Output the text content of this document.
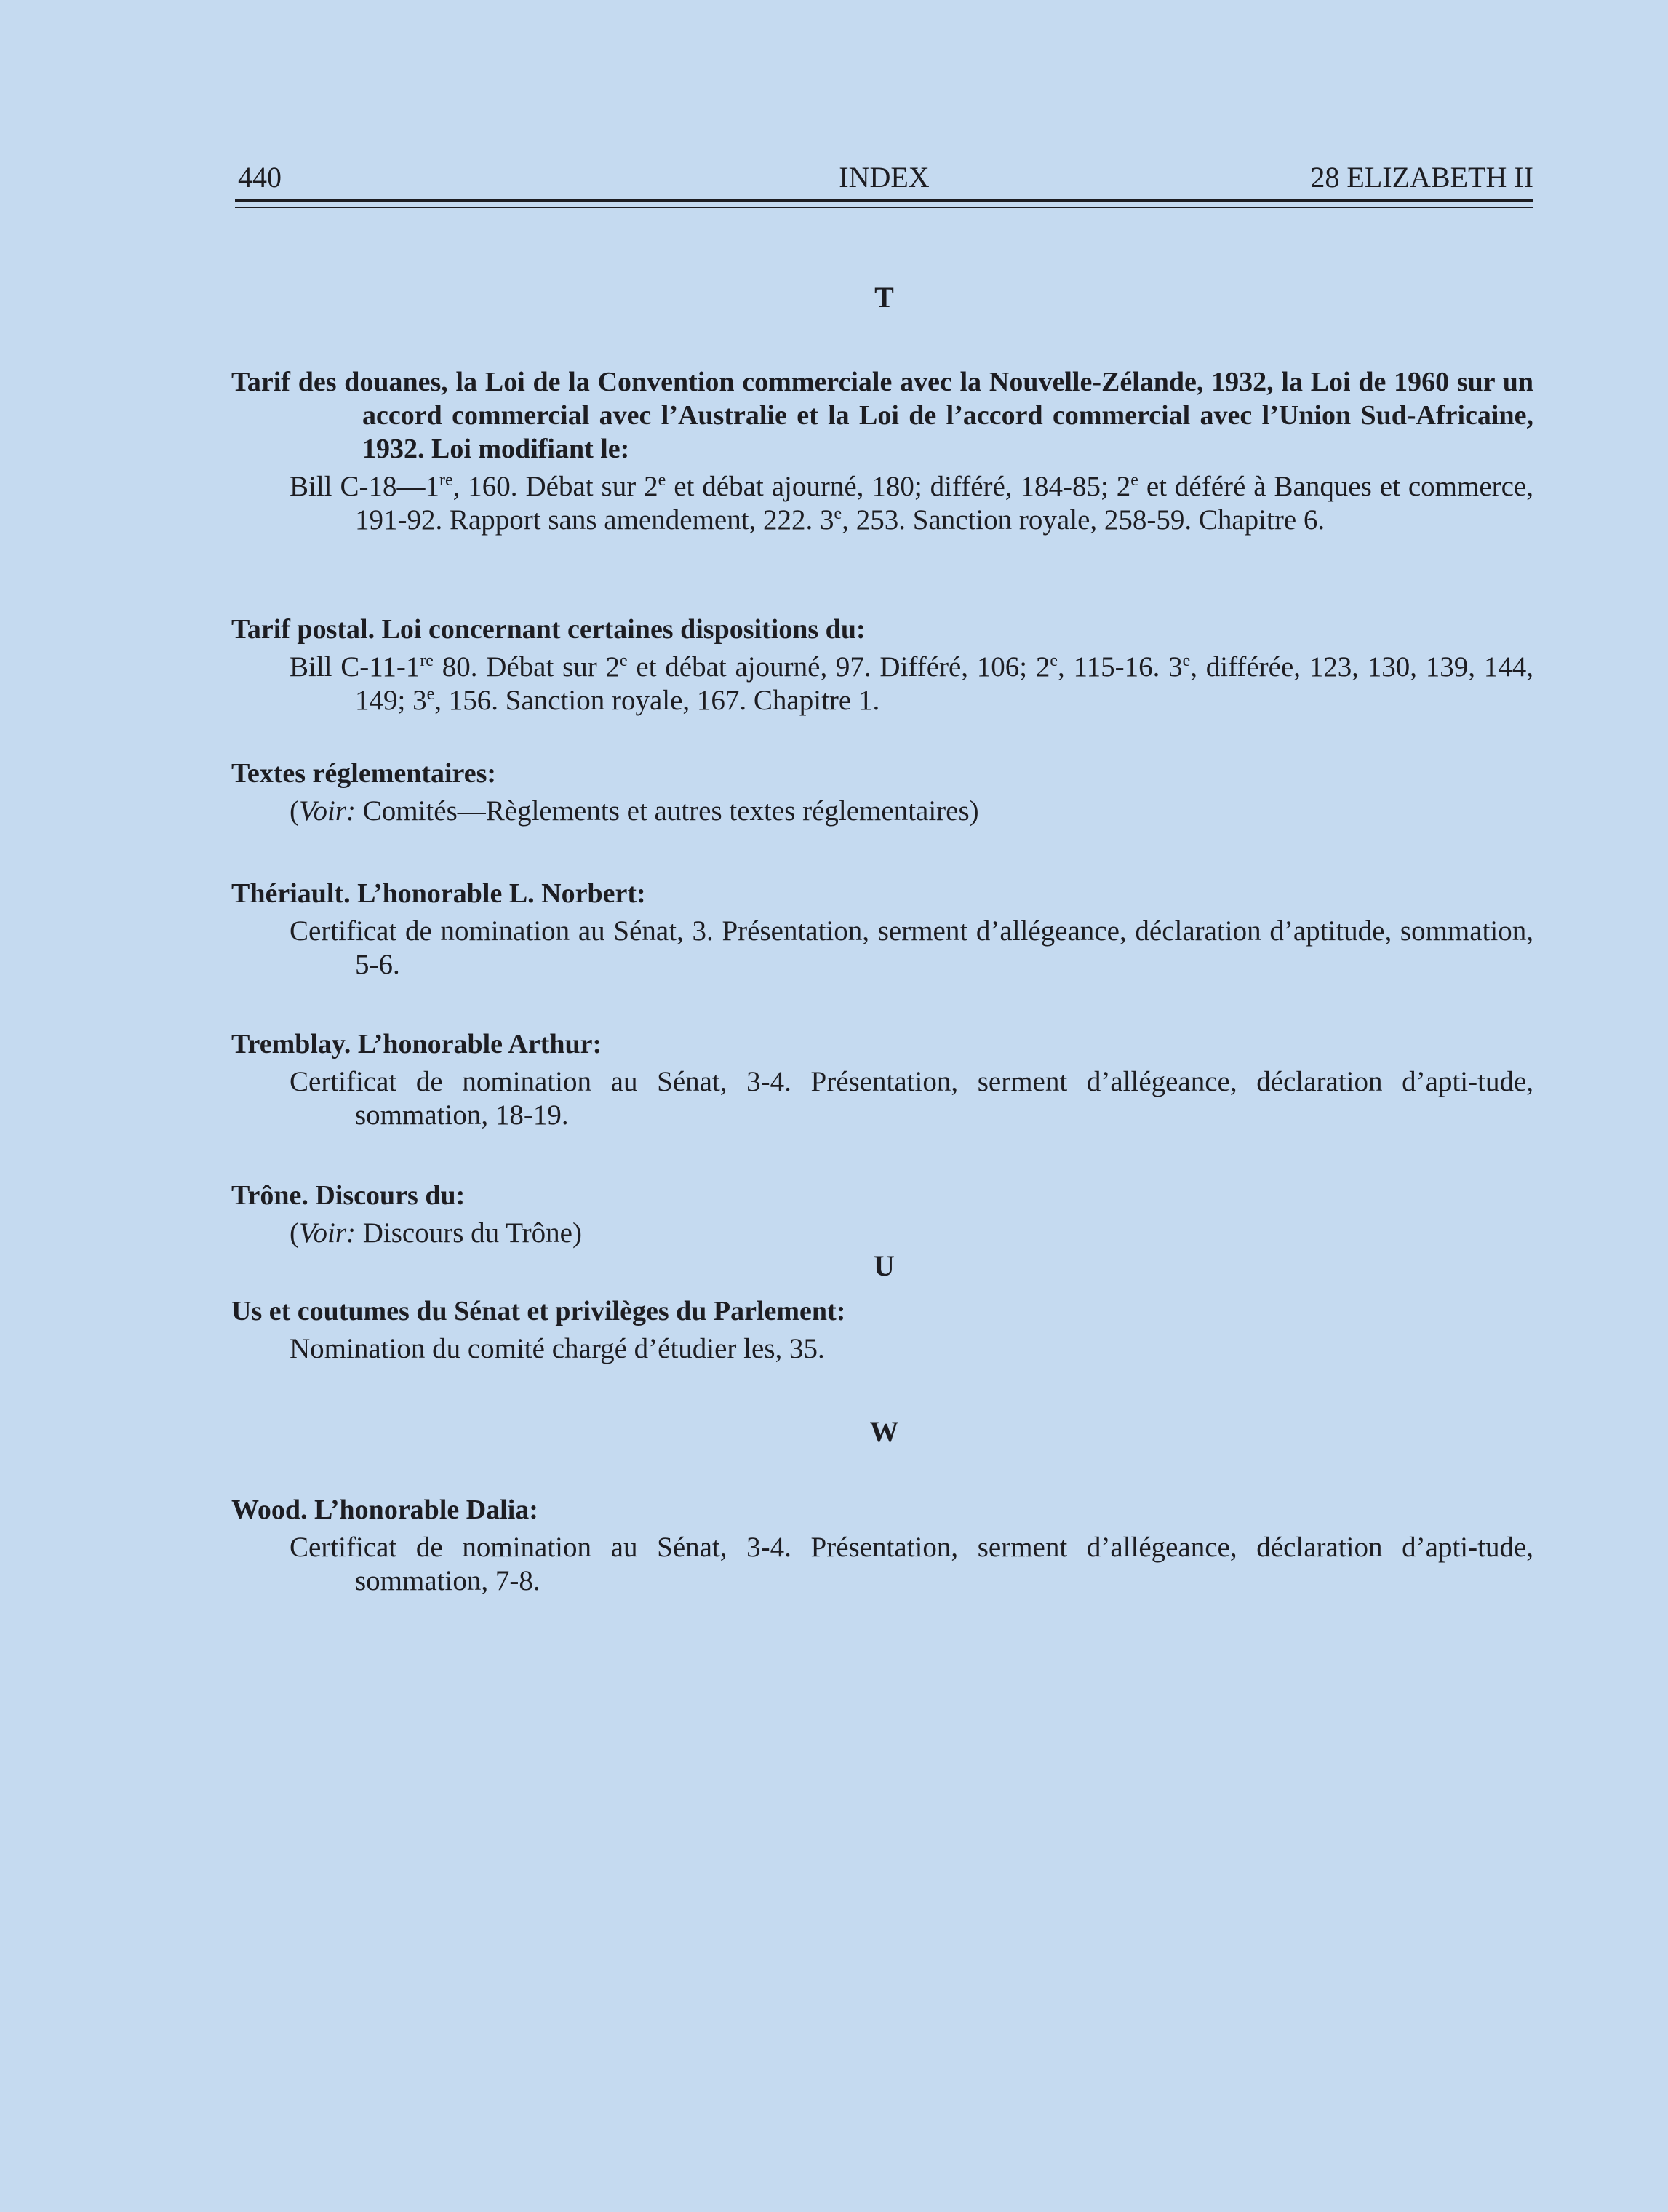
440	INDEX	28 ELIZABETH II
T
Tarif des douanes, la Loi de la Convention commerciale avec la Nouvelle-Zélande, 1932, la Loi de 1960 sur un accord commercial avec l’Australie et la Loi de l’accord commercial avec l’Union Sud-Africaine, 1932. Loi modifiant le:
Bill C-18—1re, 160. Débat sur 2e et débat ajourné, 180; différé, 184-85; 2e et déféré à Banques et commerce, 191-92. Rapport sans amendement, 222. 3e, 253. Sanction royale, 258-59. Chapitre 6.
Tarif postal. Loi concernant certaines dispositions du:
Bill C-11-1re 80. Débat sur 2e et débat ajourné, 97. Différé, 106; 2e, 115-16. 3e, différée, 123, 130, 139, 144, 149; 3e, 156. Sanction royale, 167. Chapitre 1.
Textes réglementaires:
(Voir: Comités—Règlements et autres textes réglementaires)
Thériault. L’honorable L. Norbert:
Certificat de nomination au Sénat, 3. Présentation, serment d’allégeance, déclaration d’aptitude, sommation, 5-6.
Tremblay. L’honorable Arthur:
Certificat de nomination au Sénat, 3-4. Présentation, serment d’allégeance, déclaration d’apti-tude, sommation, 18-19.
Trône. Discours du:
(Voir: Discours du Trône)
U
Us et coutumes du Sénat et privilèges du Parlement:
Nomination du comité chargé d’étudier les, 35.
W
Wood. L’honorable Dalia:
Certificat de nomination au Sénat, 3-4. Présentation, serment d’allégeance, déclaration d’apti-tude, sommation, 7-8.
